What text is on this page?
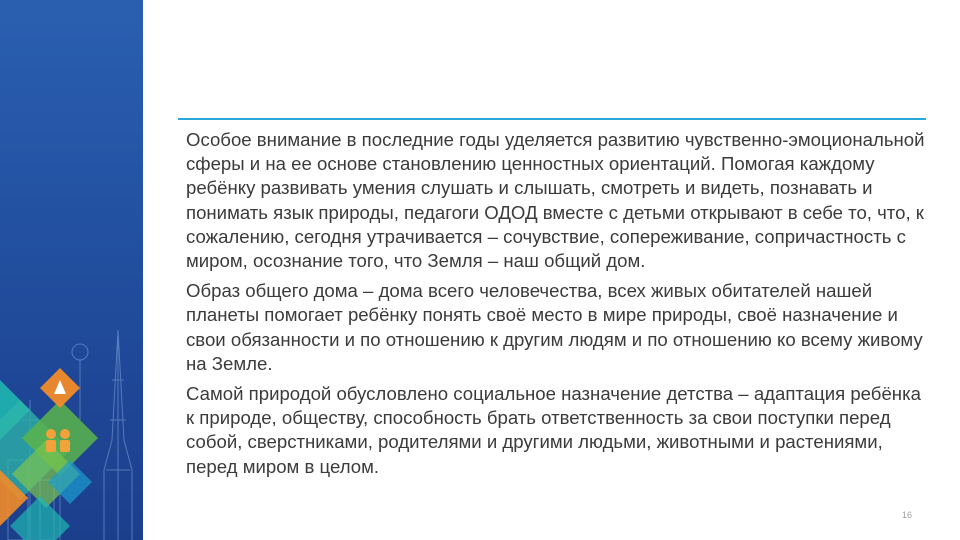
Особое внимание в последние годы уделяется развитию чувственно-эмоциональной сферы и на ее основе становлению ценностных ориентаций. Помогая каждому ребёнку развивать умения слушать и слышать, смотреть и видеть, познавать и понимать язык природы, педагоги ОДОД вместе с детьми открывают в себе то, что, к сожалению, сегодня утрачивается – сочувствие, сопереживание, сопричастность с миром, осознание того, что Земля – наш общий дом.

Образ общего дома – дома всего человечества, всех живых обитателей нашей планеты помогает ребёнку понять своё место в мире природы, своё назначение и свои обязанности и по отношению к другим людям и по отношению ко всему живому на Земле.

Самой природой обусловлено социальное назначение детства – адаптация ребёнка к природе, обществу, способность брать ответственность за свои поступки перед собой, сверстниками, родителями и другими людьми, животными и растениями, перед миром в целом.

16
